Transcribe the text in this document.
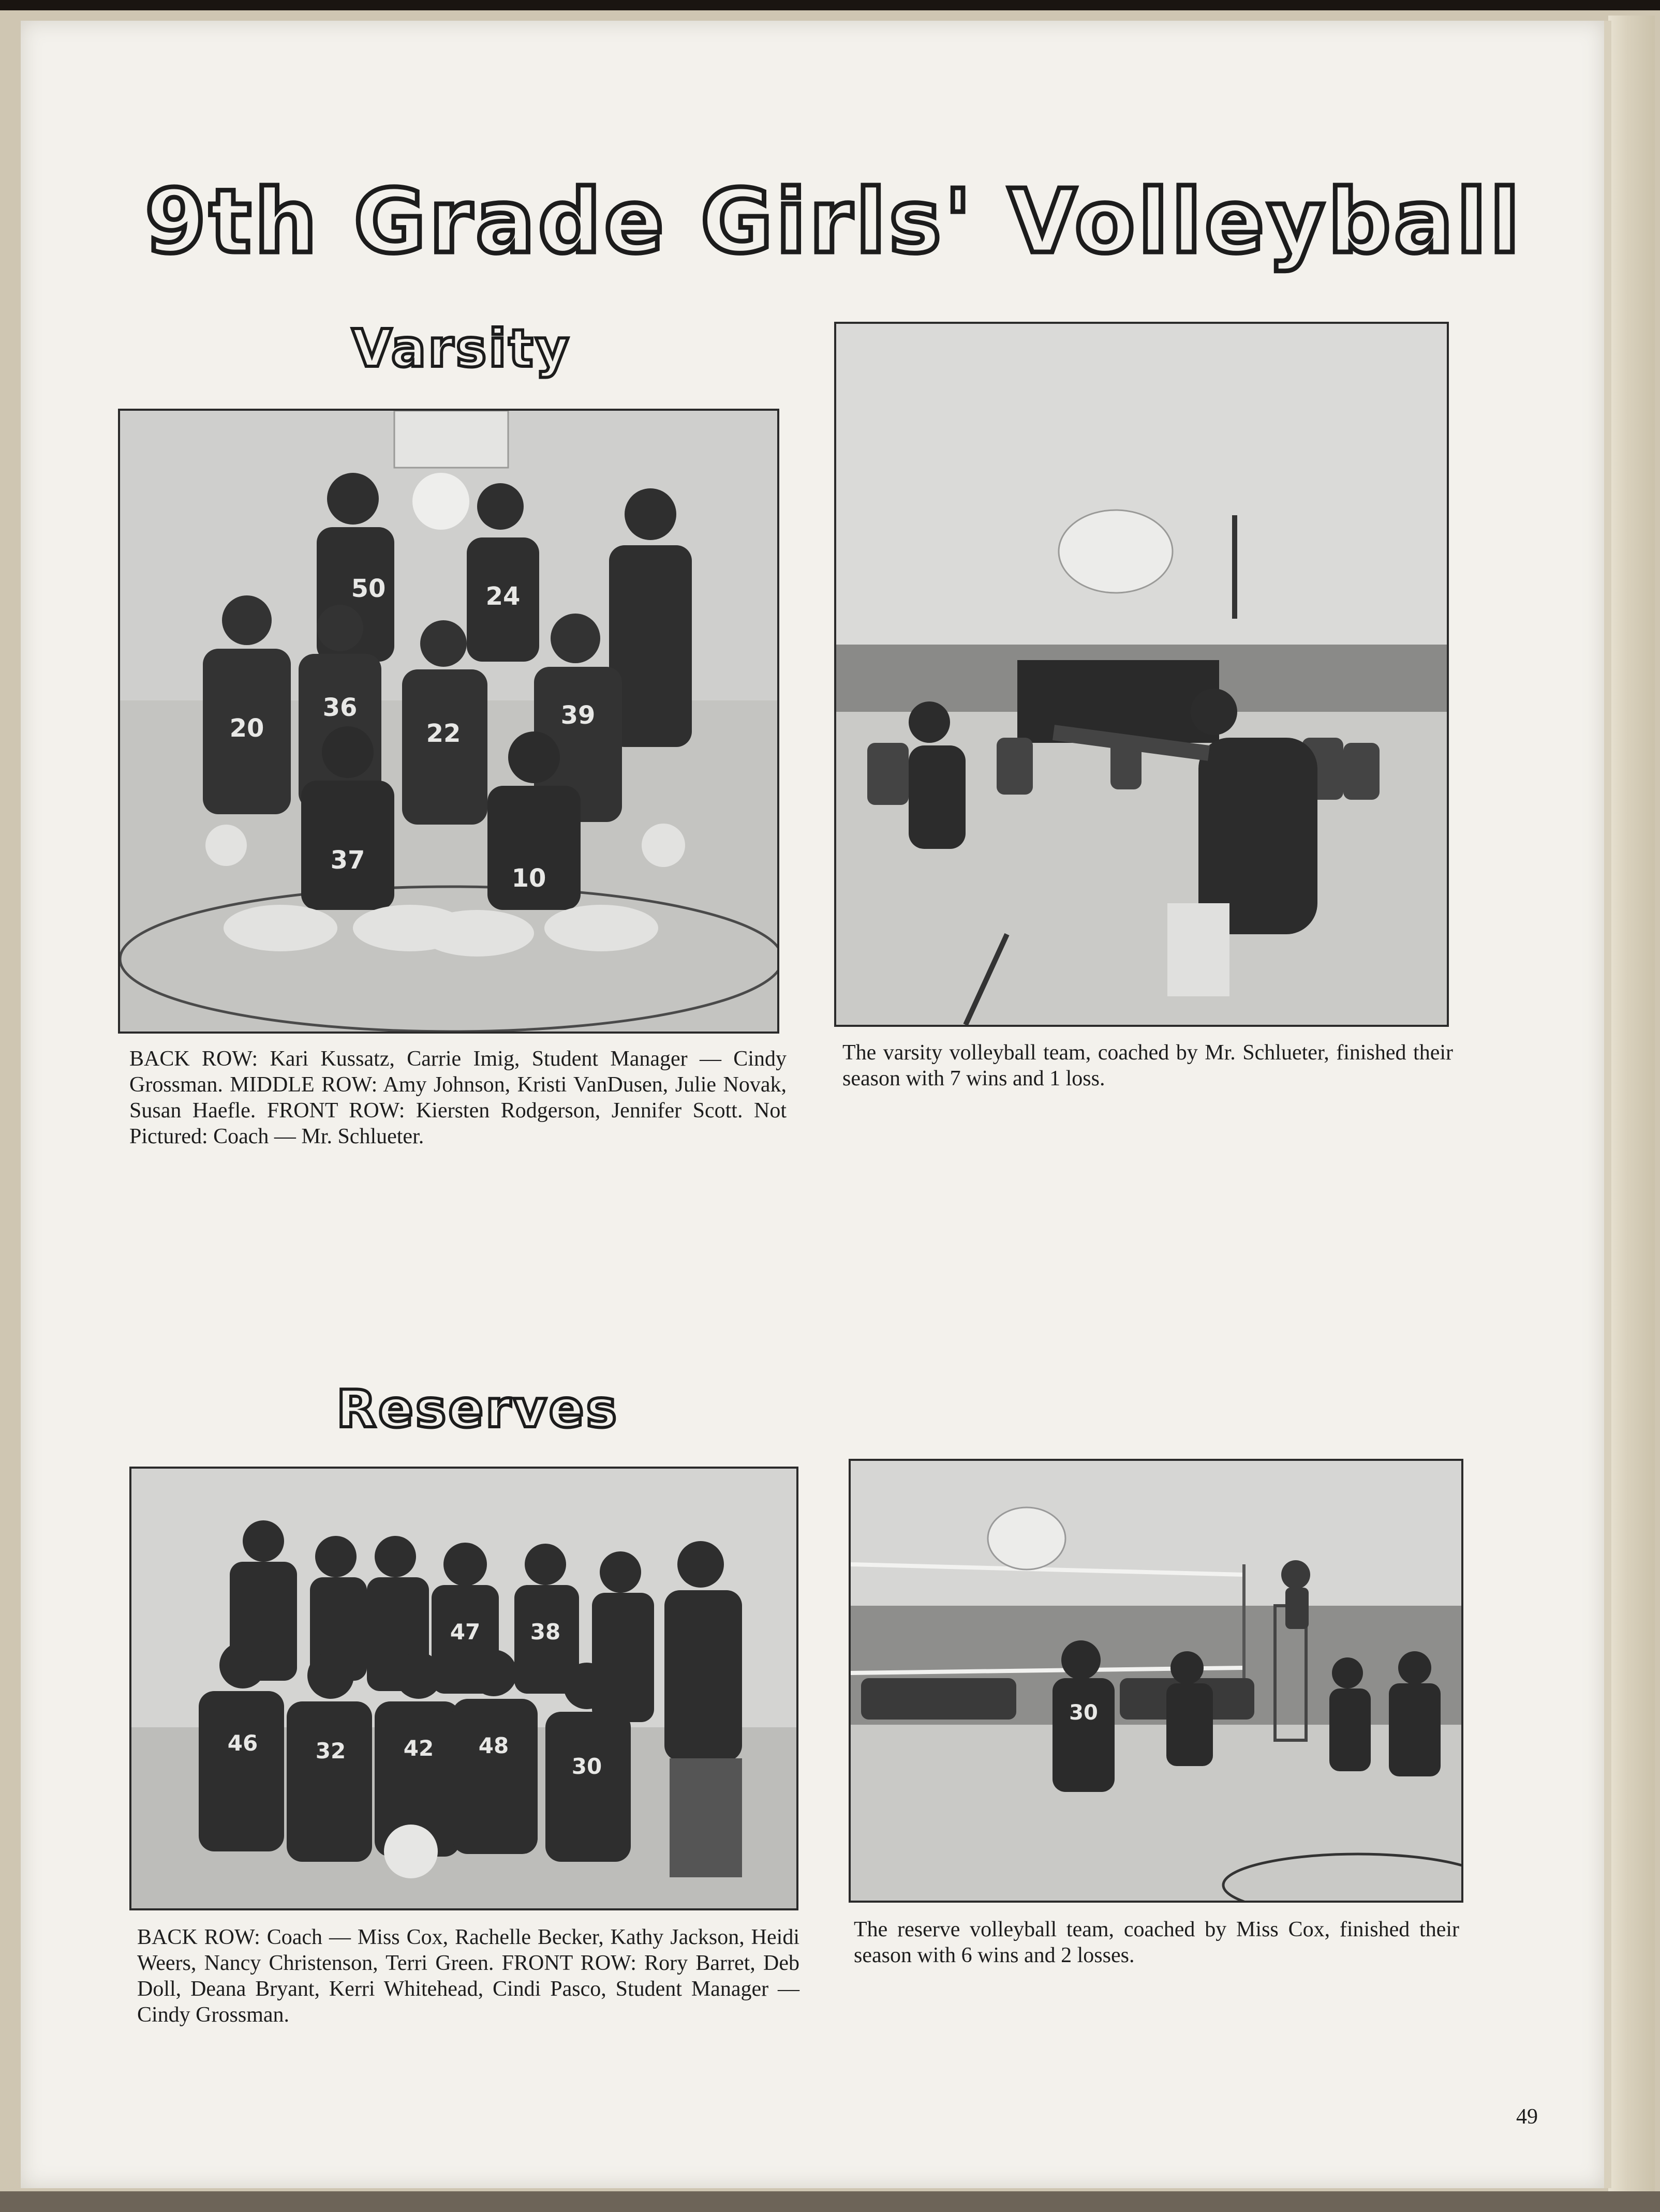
9th Grade Girls' Volleyball
Varsity
50	24
20
36
22
39
37
10
BACK ROW: Kari Kussatz, Carrie Imig, Student Manager — Cindy Grossman. MIDDLE ROW: Amy Johnson, Kristi VanDusen, Julie Novak, Susan Haefle. FRONT ROW: Kiersten Rodgerson, Jennifer Scott. Not Pictured: Coach — Mr. Schlueter.
The varsity volleyball team, coached by Mr. Schlueter, finished their season with 7 wins and 1 loss.
Reserves
47 38
46	32	42 48
30
30
BACK ROW: Coach — Miss Cox, Rachelle Becker, Kathy Jackson, Heidi Weers, Nancy Christenson, Terri Green. FRONT ROW: Rory Barret, Deb Doll, Deana Bryant, Kerri Whitehead, Cindi Pasco, Student Manager — Cindy Grossman.
The reserve volleyball team, coached by Miss Cox, finished their season with 6 wins and 2 losses.
49
